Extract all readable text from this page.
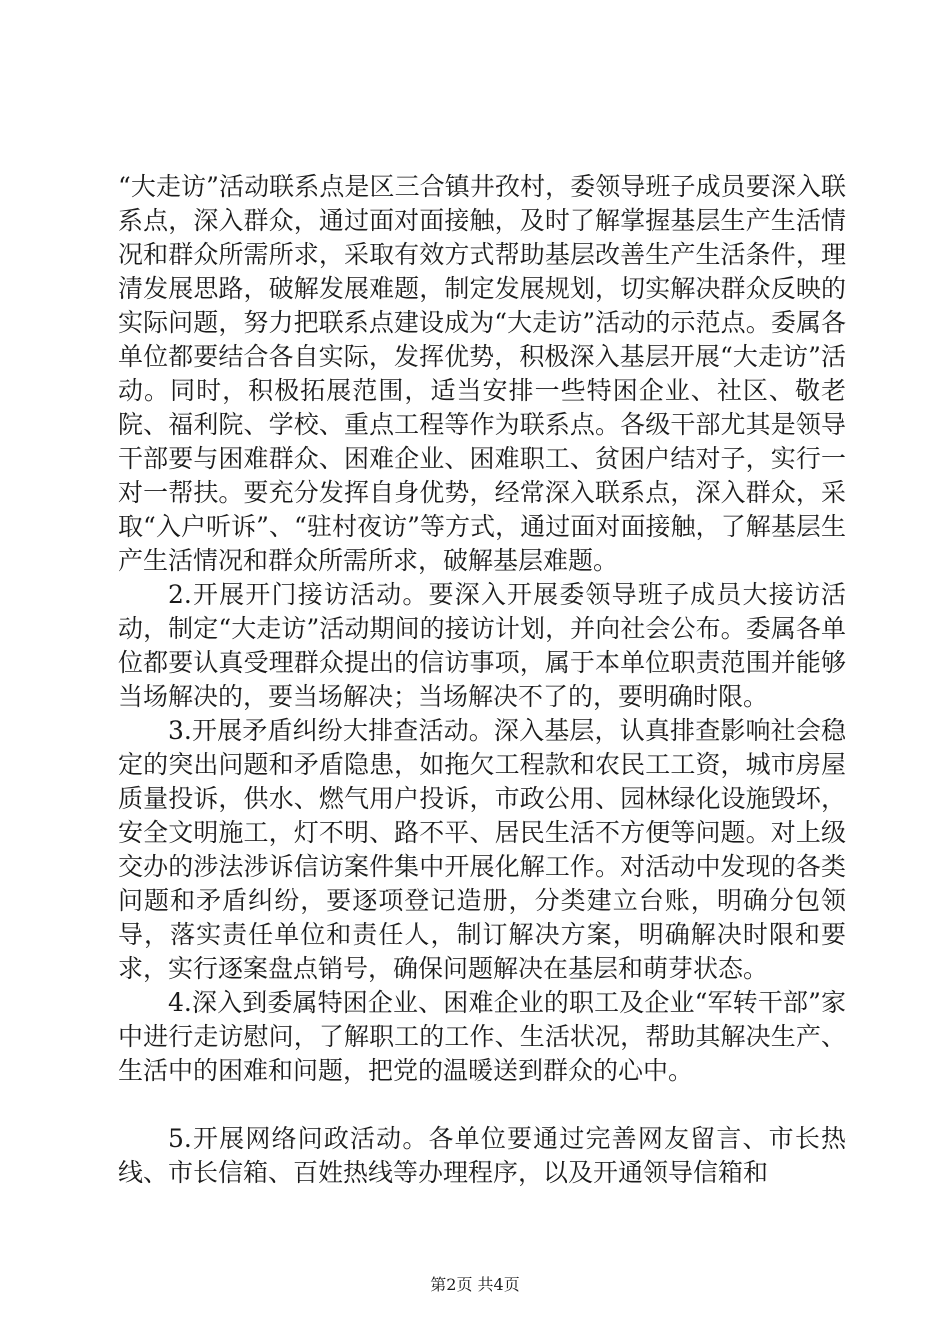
“大走访”活动联系点是区三合镇井孜村，委领导班子成员要深入联系点，深入群众，通过面对面接触，及时了解掌握基层生产生活情况和群众所需所求，采取有效方式帮助基层改善生产生活条件，理清发展思路，破解发展难题，制定发展规划，切实解决群众反映的实际问题，努力把联系点建设成为“大走访”活动的示范点。委属各单位都要结合各自实际，发挥优势，积极深入基层开展“大走访”活动。同时，积极拓展范围，适当安排一些特困企业、社区、敬老院、福利院、学校、重点工程等作为联系点。各级干部尤其是领导干部要与困难群众、困难企业、困难职工、贫困户结对子，实行一对一帮扶。要充分发挥自身优势，经常深入联系点，深入群众，采取“入户听诉”、“驻村夜访”等方式，通过面对面接触，了解基层生产生活情况和群众所需所求，破解基层难题。

2.开展开门接访活动。要深入开展委领导班子成员大接访活动，制定“大走访”活动期间的接访计划，并向社会公布。委属各单位都要认真受理群众提出的信访事项，属于本单位职责范围并能够当场解决的，要当场解决；当场解决不了的，要明确时限。

3.开展矛盾纠纷大排查活动。深入基层，认真排查影响社会稳定的突出问题和矛盾隐患，如拖欠工程款和农民工工资，城市房屋质量投诉，供水、燃气用户投诉，市政公用、园林绿化设施毁坏，安全文明施工，灯不明、路不平、居民生活不方便等问题。对上级交办的涉法涉诉信访案件集中开展化解工作。对活动中发现的各类问题和矛盾纠纷，要逐项登记造册，分类建立台账，明确分包领导，落实责任单位和责任人，制订解决方案，明确解决时限和要求，实行逐案盘点销号，确保问题解决在基层和萌芽状态。

4.深入到委属特困企业、困难企业的职工及企业“军转干部”家中进行走访慰问，了解职工的工作、生活状况，帮助其解决生产、生活中的困难和问题，把党的温暖送到群众的心中。

5.开展网络问政活动。各单位要通过完善网友留言、市长热线、市长信箱、百姓热线等办理程序，以及开通领导信箱和

第2页 共4页
